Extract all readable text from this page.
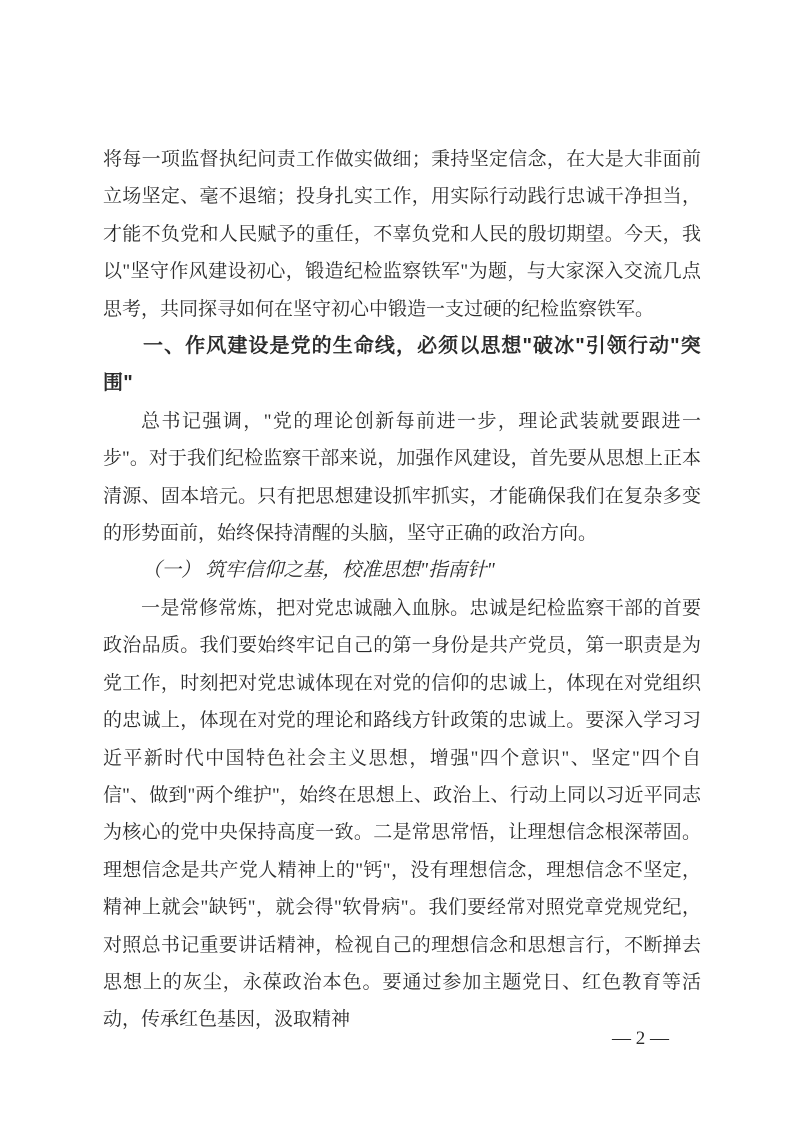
将每一项监督执纪问责工作做实做细；秉持坚定信念，在大是大非面前立场坚定、毫不退缩；投身扎实工作，用实际行动践行忠诚干净担当，才能不负党和人民赋予的重任，不辜负党和人民的殷切期望。今天，我以"坚守作风建设初心，锻造纪检监察铁军"为题，与大家深入交流几点思考，共同探寻如何在坚守初心中锻造一支过硬的纪检监察铁军。

一、作风建设是党的生命线，必须以思想"破冰"引领行动"突围"

总书记强调，"党的理论创新每前进一步，理论武装就要跟进一步"。对于我们纪检监察干部来说，加强作风建设，首先要从思想上正本清源、固本培元。只有把思想建设抓牢抓实，才能确保我们在复杂多变的形势面前，始终保持清醒的头脑，坚守正确的政治方向。

（一） 筑牢信仰之基，校准思想"指南针"

一是常修常炼，把对党忠诚融入血脉。忠诚是纪检监察干部的首要政治品质。我们要始终牢记自己的第一身份是共产党员，第一职责是为党工作，时刻把对党忠诚体现在对党的信仰的忠诚上，体现在对党组织的忠诚上，体现在对党的理论和路线方针政策的忠诚上。要深入学习习近平新时代中国特色社会主义思想，增强"四个意识"、坚定"四个自信"、做到"两个维护"，始终在思想上、政治上、行动上同以习近平同志为核心的党中央保持高度一致。二是常思常悟，让理想信念根深蒂固。理想信念是共产党人精神上的"钙"，没有理想信念，理想信念不坚定，精神上就会"缺钙"，就会得"软骨病"。我们要经常对照党章党规党纪，对照总书记重要讲话精神，检视自己的理想信念和思想言行，不断掸去思想上的灰尘，永葆政治本色。要通过参加主题党日、红色教育等活动，传承红色基因，汲取精神

— 2 —
